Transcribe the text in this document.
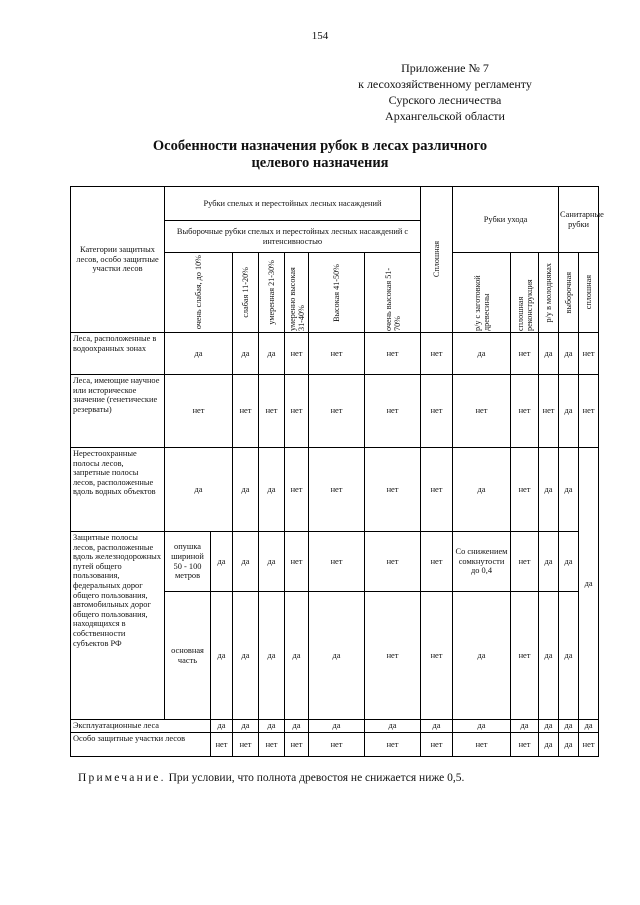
154
Приложение № 7
к лесохозяйственному регламенту
Сурского лесничества
Архангельской области
Особенности назначения рубок в лесах различного
целевого назначения
Категории защитных лесов, особо защитные участки лесов	Рубки спелых и перестойных лесных насаждений							Сплошная	Рубки ухода			Санитарные рубки	
	Выборочные рубки спелых и перестойных лесных насаждений с интенсивностью												

	очень слабая, до 10%		слабая 11-20%	умеренная 21-30%	умеренно высокая 31-40%	Высокая 41-50%	очень высокая 51-70%		р/у с заготовкой древесины	сплошная реконструкция	р/у в молодняках	выборочная	сплошная

Леса, расположенные в водоохранных зонах	да		да	да	нет	нет	нет	нет	да	нет	да	да	нет
Леса, имеющие научное или историческое значение (генетические резерваты)	нет		нет	нет	нет	нет	нет	нет	нет	нет	нет	да	нет
Нерестоохранные полосы лесов, запретные полосы лесов, расположенные вдоль водных объектов	да		да	да	нет	нет	нет	нет	да	нет	да	да	да
Защитные полосы лесов, расположенные вдоль железнодорожных путей общего пользования, федеральных дорог общего пользования, автомобильных дорог общего пользования, находящихся в собственности субъектов РФ	опушка шириной 50 - 100 метров	да	да	да	нет	нет	нет	нет	Со снижением сомкнутости до 0,4	нет	да	да	
	основная часть	да	да	да	да	да	нет	нет	да	нет	да	да	
Эксплуатационные леса		да	да	да	да	да	да	да	да	да	да	да	да
Особо защитные участки лесов		нет	нет	нет	нет	нет	нет	нет	нет	нет	да	да	нет
Примечание. При условии, что полнота древостоя не снижается ниже 0,5.
